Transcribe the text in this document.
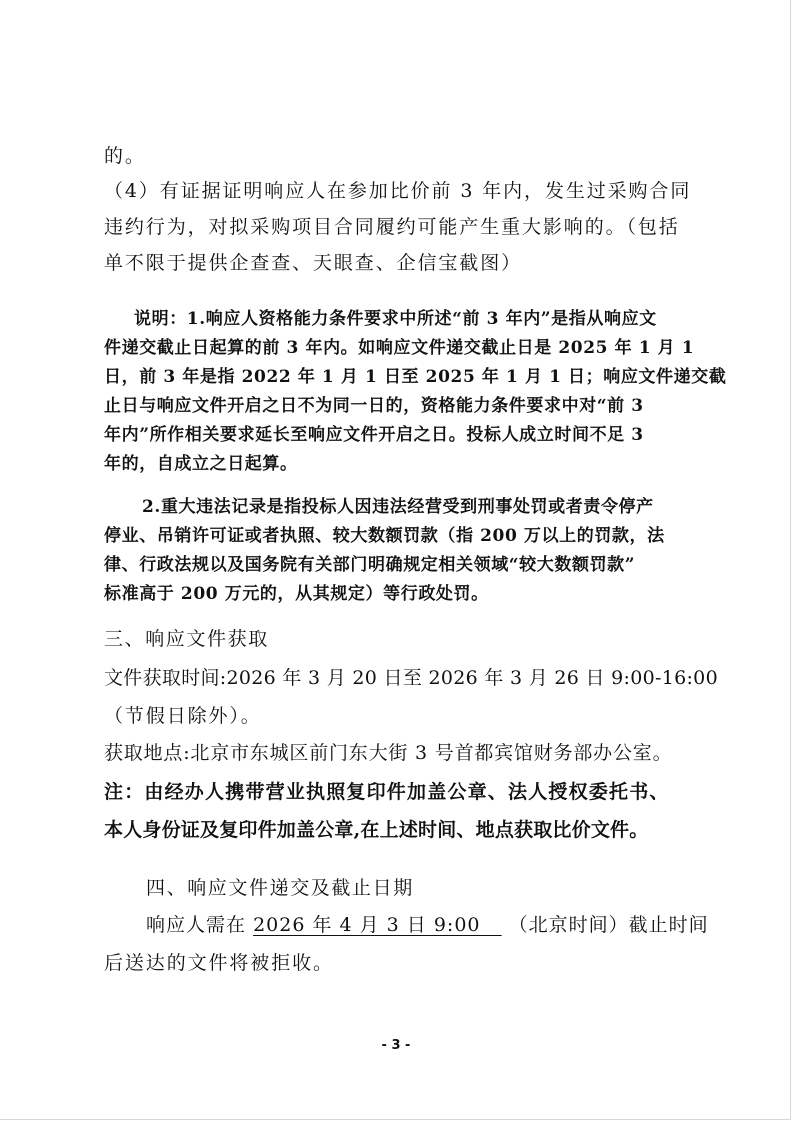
的。
（4）有证据证明响应人在参加比价前 3 年内，发生过采购合同
违约行为，对拟采购项目合同履约可能产生重大影响的。（包括
单不限于提供企查查、天眼查、企信宝截图）
说明：1.响应人资格能力条件要求中所述“前 3 年内”是指从响应文
件递交截止日起算的前 3 年内。如响应文件递交截止日是 2025 年 1 月 1
日，前 3 年是指 2022 年 1 月 1 日至 2025 年 1 月 1 日；响应文件递交截
止日与响应文件开启之日不为同一日的，资格能力条件要求中对“前 3
年内”所作相关要求延长至响应文件开启之日。投标人成立时间不足 3
年的，自成立之日起算。
2.重大违法记录是指投标人因违法经营受到刑事处罚或者责令停产
停业、吊销许可证或者执照、较大数额罚款（指 200 万以上的罚款，法
律、行政法规以及国务院有关部门明确规定相关领域“较大数额罚款”
标准高于 200 万元的，从其规定）等行政处罚。
三、响应文件获取
文件获取时间:2026 年 3 月 20 日至 2026 年 3 月 26 日 9:00-16:00
（节假日除外）。
获取地点:北京市东城区前门东大街 3 号首都宾馆财务部办公室。
注：由经办人携带营业执照复印件加盖公章、法人授权委托书、
本人身份证及复印件加盖公章,在上述时间、地点获取比价文件。
四、响应文件递交及截止日期
响应人需在 2026 年 4 月 3 日 9:00 （北京时间）截止时间
后送达的文件将被拒收。
- 3 -
